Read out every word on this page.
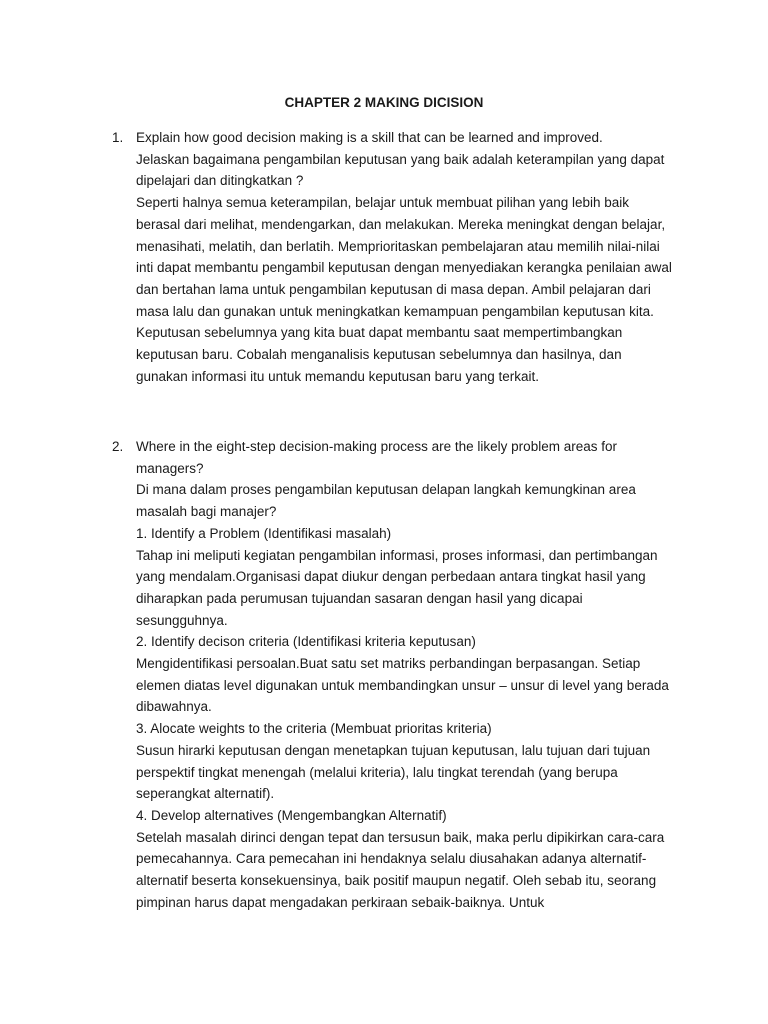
CHAPTER 2 MAKING DICISION
1. Explain how good decision making is a skill that can be learned and improved.

Jelaskan bagaimana pengambilan keputusan yang baik adalah keterampilan yang dapat dipelajari dan ditingkatkan ?

Seperti halnya semua keterampilan, belajar untuk membuat pilihan yang lebih baik berasal dari melihat, mendengarkan, dan melakukan. Mereka meningkat dengan belajar, menasihati, melatih, dan berlatih. Memprioritaskan pembelajaran atau memilih nilai-nilai inti dapat membantu pengambil keputusan dengan menyediakan kerangka penilaian awal dan bertahan lama untuk pengambilan keputusan di masa depan. Ambil pelajaran dari masa lalu dan gunakan untuk meningkatkan kemampuan pengambilan keputusan kita. Keputusan sebelumnya yang kita buat dapat membantu saat mempertimbangkan keputusan baru. Cobalah menganalisis keputusan sebelumnya dan hasilnya, dan gunakan informasi itu untuk memandu keputusan baru yang terkait.

2. Where in the eight-step decision-making process are the likely problem areas for managers?

Di mana dalam proses pengambilan keputusan delapan langkah kemungkinan area masalah bagi manajer?

1. Identify a Problem (Identifikasi masalah)

Tahap ini meliputi kegiatan pengambilan informasi, proses informasi, dan pertimbangan yang mendalam.Organisasi dapat diukur dengan perbedaan antara tingkat hasil yang diharapkan pada perumusan tujuandan sasaran dengan hasil yang dicapai sesungguhnya.

2. Identify decison criteria (Identifikasi kriteria keputusan)

Mengidentifikasi persoalan.Buat satu set matriks perbandingan berpasangan. Setiap elemen diatas level digunakan untuk membandingkan unsur – unsur di level yang berada dibawahnya.

3. Alocate weights to the criteria (Membuat prioritas kriteria)

Susun hirarki keputusan dengan menetapkan tujuan keputusan, lalu tujuan dari tujuan perspektif tingkat menengah (melalui kriteria), lalu tingkat terendah (yang berupa seperangkat alternatif).

4. Develop alternatives (Mengembangkan Alternatif)

Setelah masalah dirinci dengan tepat dan tersusun baik, maka perlu dipikirkan cara-cara pemecahannya. Cara pemecahan ini hendaknya selalu diusahakan adanya alternatif-alternatif beserta konsekuensinya, baik positif maupun negatif. Oleh sebab itu, seorang pimpinan harus dapat mengadakan perkiraan sebaik-baiknya. Untuk
